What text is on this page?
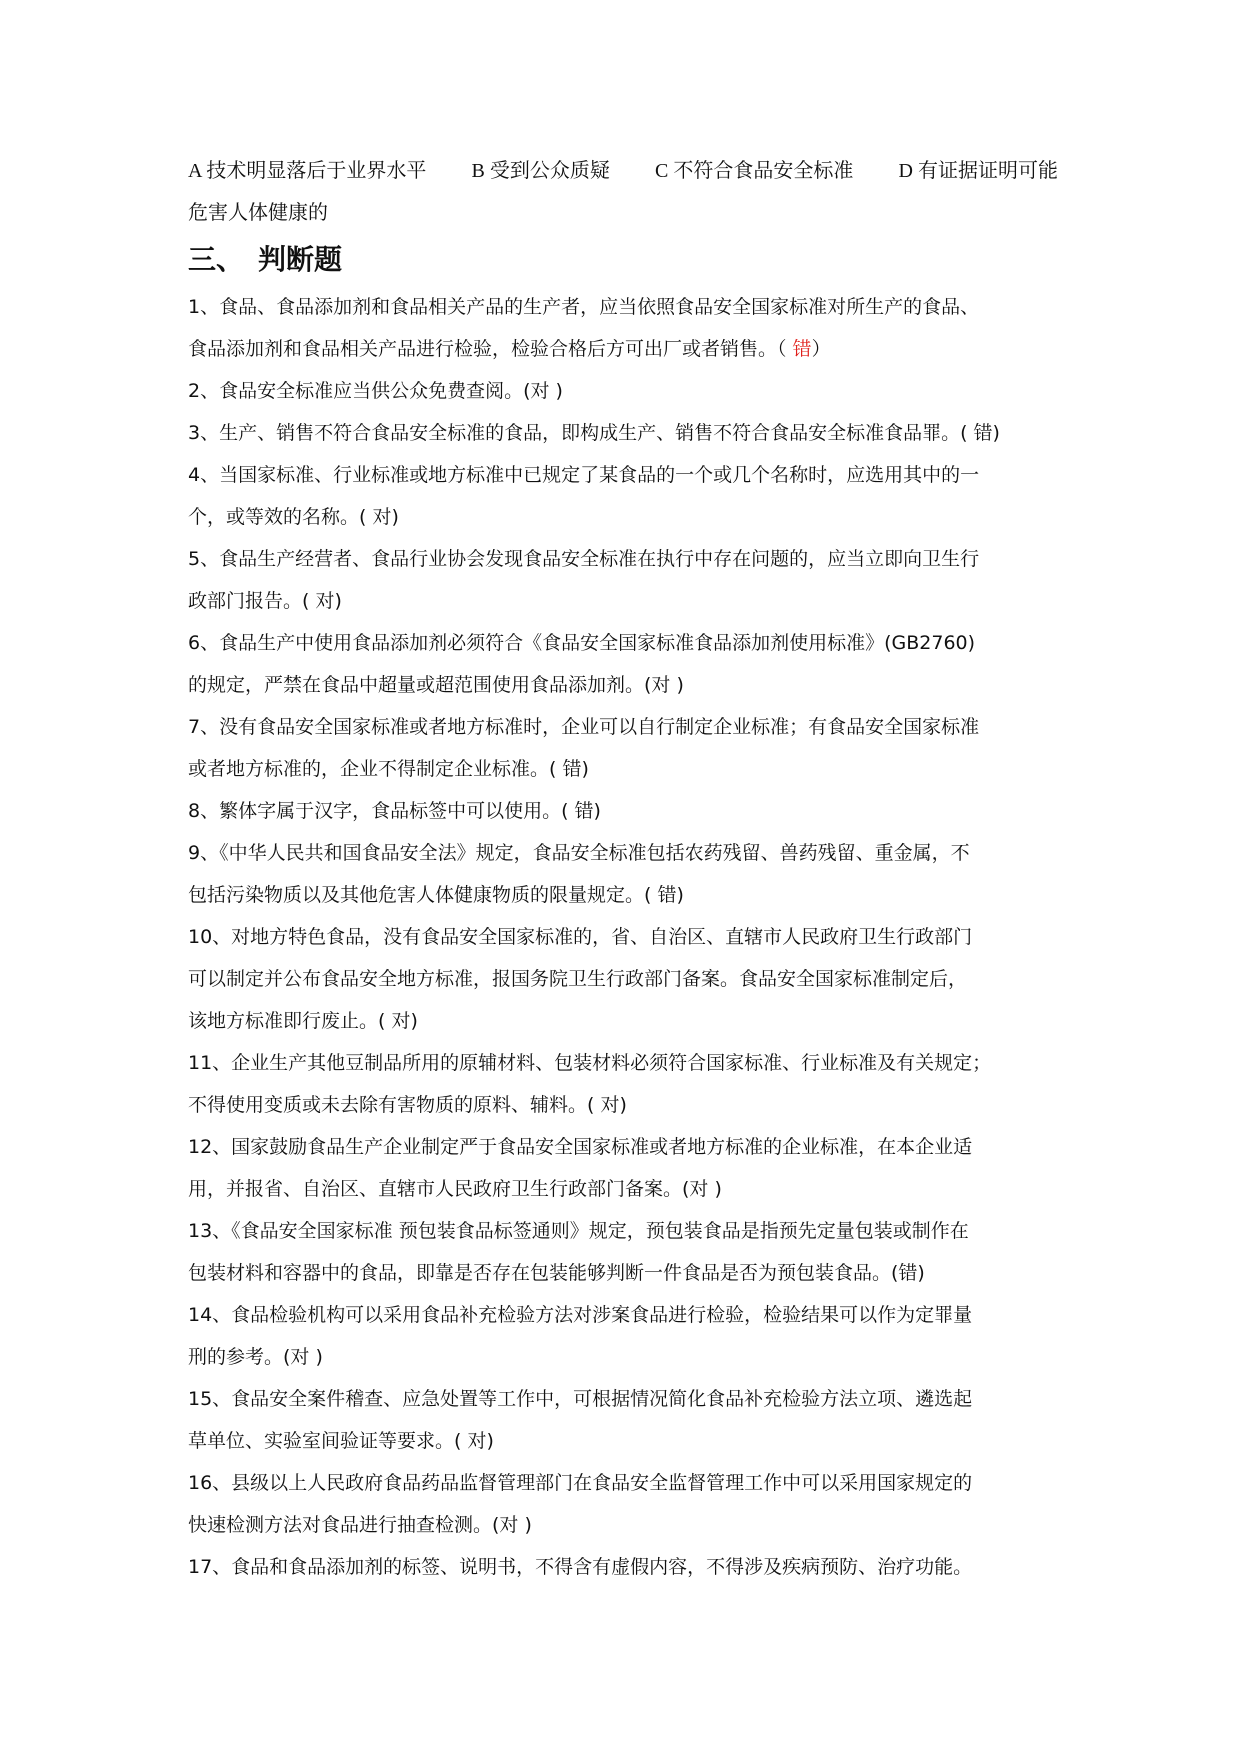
A 技术明显落后于业界水平 B 受到公众质疑 C 不符合食品安全标准 D 有证据证明可能
危害人体健康的
三、 判断题
1、食品、食品添加剂和食品相关产品的生产者，应当依照食品安全国家标准对所生产的食品、
食品添加剂和食品相关产品进行检验，检验合格后方可出厂或者销售。（ 错）
2、食品安全标准应当供公众免费查阅。(对 )
3、生产、销售不符合食品安全标准的食品，即构成生产、销售不符合食品安全标准食品罪。( 错)
4、当国家标准、行业标准或地方标准中已规定了某食品的一个或几个名称时，应选用其中的一
个，或等效的名称。( 对)
5、食品生产经营者、食品行业协会发现食品安全标准在执行中存在问题的，应当立即向卫生行
政部门报告。( 对)
6、食品生产中使用食品添加剂必须符合《食品安全国家标准食品添加剂使用标准》(GB2760)
的规定，严禁在食品中超量或超范围使用食品添加剂。(对 )
7、没有食品安全国家标准或者地方标准时，企业可以自行制定企业标准；有食品安全国家标准
或者地方标准的，企业不得制定企业标准。( 错)
8、繁体字属于汉字，食品标签中可以使用。( 错)
9、《中华人民共和国食品安全法》规定，食品安全标准包括农药残留、兽药残留、重金属，不
包括污染物质以及其他危害人体健康物质的限量规定。( 错)
10、对地方特色食品，没有食品安全国家标准的，省、自治区、直辖市人民政府卫生行政部门
可以制定并公布食品安全地方标准，报国务院卫生行政部门备案。食品安全国家标准制定后，
该地方标准即行废止。( 对)
11、企业生产其他豆制品所用的原辅材料、包装材料必须符合国家标准、行业标准及有关规定；
不得使用变质或未去除有害物质的原料、辅料。( 对)
12、国家鼓励食品生产企业制定严于食品安全国家标准或者地方标准的企业标准，在本企业适
用，并报省、自治区、直辖市人民政府卫生行政部门备案。(对 )
13、《食品安全国家标准 预包装食品标签通则》规定，预包装食品是指预先定量包装或制作在
包装材料和容器中的食品，即靠是否存在包装能够判断一件食品是否为预包装食品。(错)
14、食品检验机构可以采用食品补充检验方法对涉案食品进行检验，检验结果可以作为定罪量
刑的参考。(对 )
15、食品安全案件稽查、应急处置等工作中，可根据情况简化食品补充检验方法立项、遴选起
草单位、实验室间验证等要求。( 对)
16、县级以上人民政府食品药品监督管理部门在食品安全监督管理工作中可以采用国家规定的
快速检测方法对食品进行抽查检测。(对 )
17、食品和食品添加剂的标签、说明书，不得含有虚假内容，不得涉及疾病预防、治疗功能。
